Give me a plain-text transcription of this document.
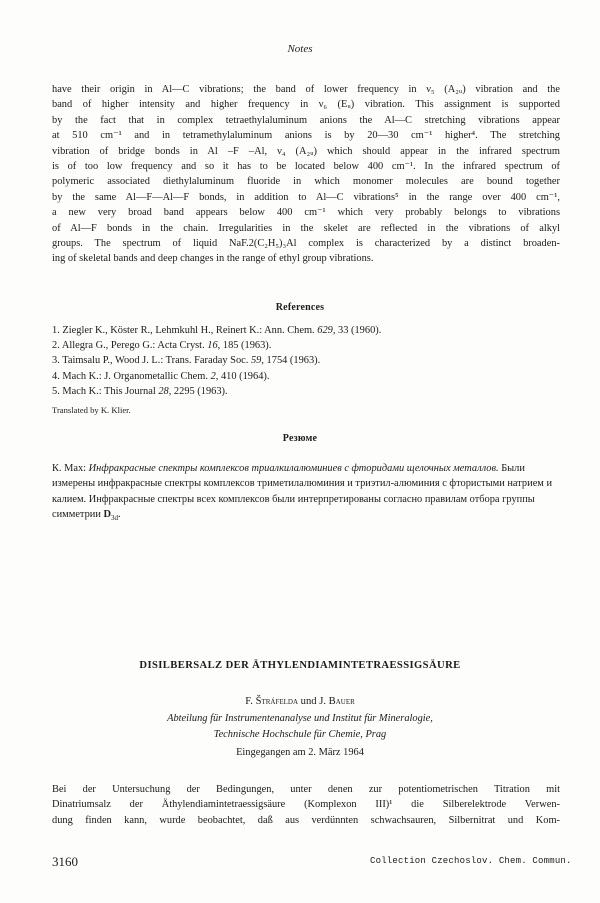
Notes
have their origin in Al—C vibrations; the band of lower frequency in ν₅ (A₂ᵤ) vibration and the
band of higher intensity and higher frequency in ν₆ (Eᵤ) vibration. This assignment is supported
by the fact that in complex tetraethylaluminum anions the Al—C stretching vibrations appear
at 510 cm⁻¹ and in tetramethylaluminum anions is by 20—30 cm⁻¹ higher⁴. The stretching
vibration of bridge bonds in Al –F –Al, ν₄ (A₂ᵤ) which should appear in the infrared spectrum
is of too low frequency and so it has to be located below 400 cm⁻¹. In the infrared spectrum of
polymeric associated diethylaluminum fluoride in which monomer molecules are bound together
by the same Al—F—Al—F bonds, in addition to Al—C vibrations⁵ in the range over 400 cm⁻¹,
a new very broad band appears below 400 cm⁻¹ which very probably belongs to vibrations
of Al—F bonds in the chain. Irregularities in the skelet are reflected in the vibrations of alkyl
groups. The spectrum of liquid NaF.2(C₂H₅)₃Al complex is characterized by a distinct broaden-
ing of skeletal bands and deep changes in the range of ethyl group vibrations.
References
1. Ziegler K., Köster R., Lehmkuhl H., Reinert K.: Ann. Chem. 629, 33 (1960).
2. Allegra G., Perego G.: Acta Cryst. 16, 185 (1963).
3. Taimsalu P., Wood J. L.: Trans. Faraday Soc. 59, 1754 (1963).
4. Mach K.: J. Organometallic Chem. 2, 410 (1964).
5. Mach K.: This Journal 28, 2295 (1963).
Translated by K. Klier.
Резюме
К. Мах: Инфракрасные спектры комплексов триалкилалюминиев с фторидами щелочных металлов. Были измерены инфракрасные спектры комплексов триметилалюминия и триэтил-алюминия с фтористыми натрием и калием. Инфракрасные спектры всех комплексов были интерпретированы согласно правилам отбора группы симметрии $D_{3d}$.
DISILBERSALZ DER ÄTHYLENDIAMINTETRAESSIGSÄURE
F. Štráfelda und J. Bauer
Abteilung für Instrumentenanalyse und Institut für Mineralogie,
Technische Hochschule für Chemie, Prag
Eingegangen am 2. März 1964
Bei der Untersuchung der Bedingungen, unter denen zur potentiometrischen Titration mit
Dinatriumsalz der Äthylendiamintetraessigsäure (Komplexon III)¹ die Silberelektrode Verwen-
dung finden kann, wurde beobachtet, daß aus verdünnten schwachsauren, Silbernitrat und Kom-
3160	Collection Czechoslov. Chem. Commun.
